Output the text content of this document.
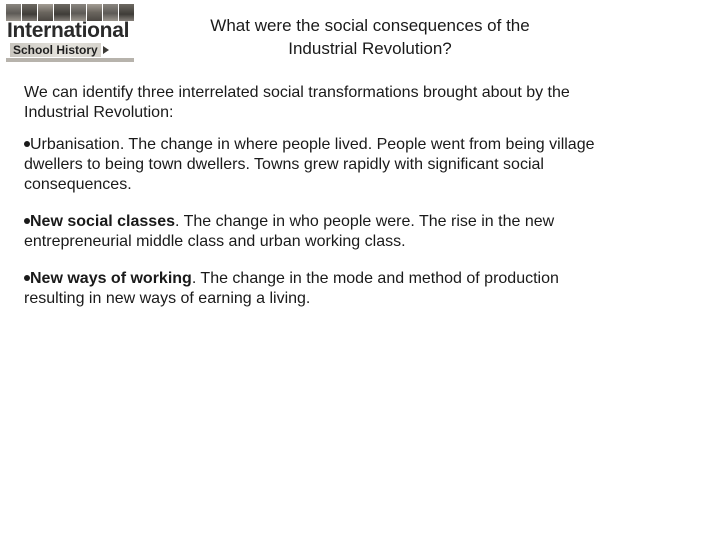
International
School History
What were the social consequences of the
Industrial Revolution?

We can identify three interrelated social transformations brought about by the
Industrial Revolution:

Urbanisation. The change in where people lived. People went from being village
dwellers to being town dwellers. Towns grew rapidly with significant social
consequences.

New social classes. The change in who people were. The rise in the new
entrepreneurial middle class and urban working class.

New ways of working. The change in the mode and method of production
resulting in new ways of earning a living.
